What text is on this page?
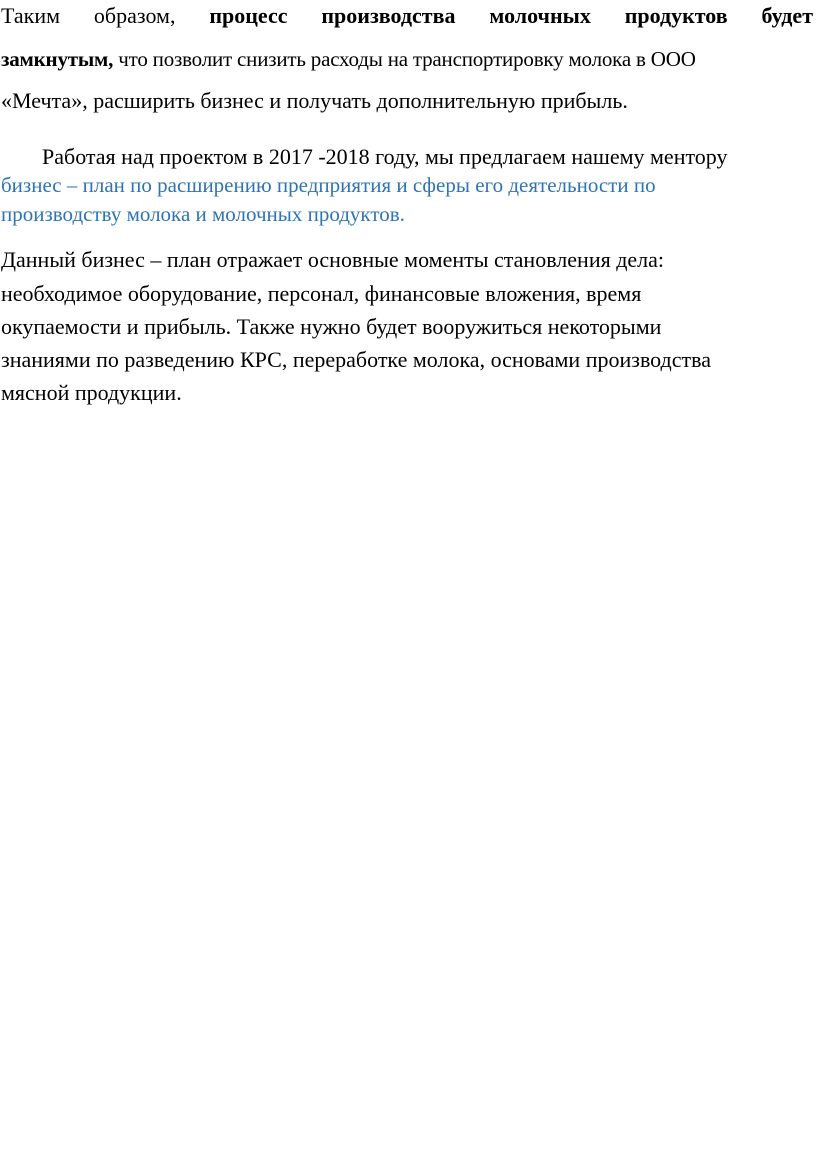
Таким образом, процесс производства молочных продуктов будет
замкнутым, что позволит снизить расходы на транспортировку молока в ООО
«Мечта», расширить бизнес и получать дополнительную прибыль.
Работая над проектом в 2017 -2018 году, мы предлагаем нашему ментору
бизнес – план по расширению предприятия и сферы его деятельности по
производству молока и молочных продуктов.
Данный бизнес – план отражает основные моменты становления дела:
необходимое оборудование, персонал, финансовые вложения, время
окупаемости и прибыль. Также нужно будет вооружиться некоторыми
знаниями по разведению КРС, переработке молока, основами производства
мясной продукции.
